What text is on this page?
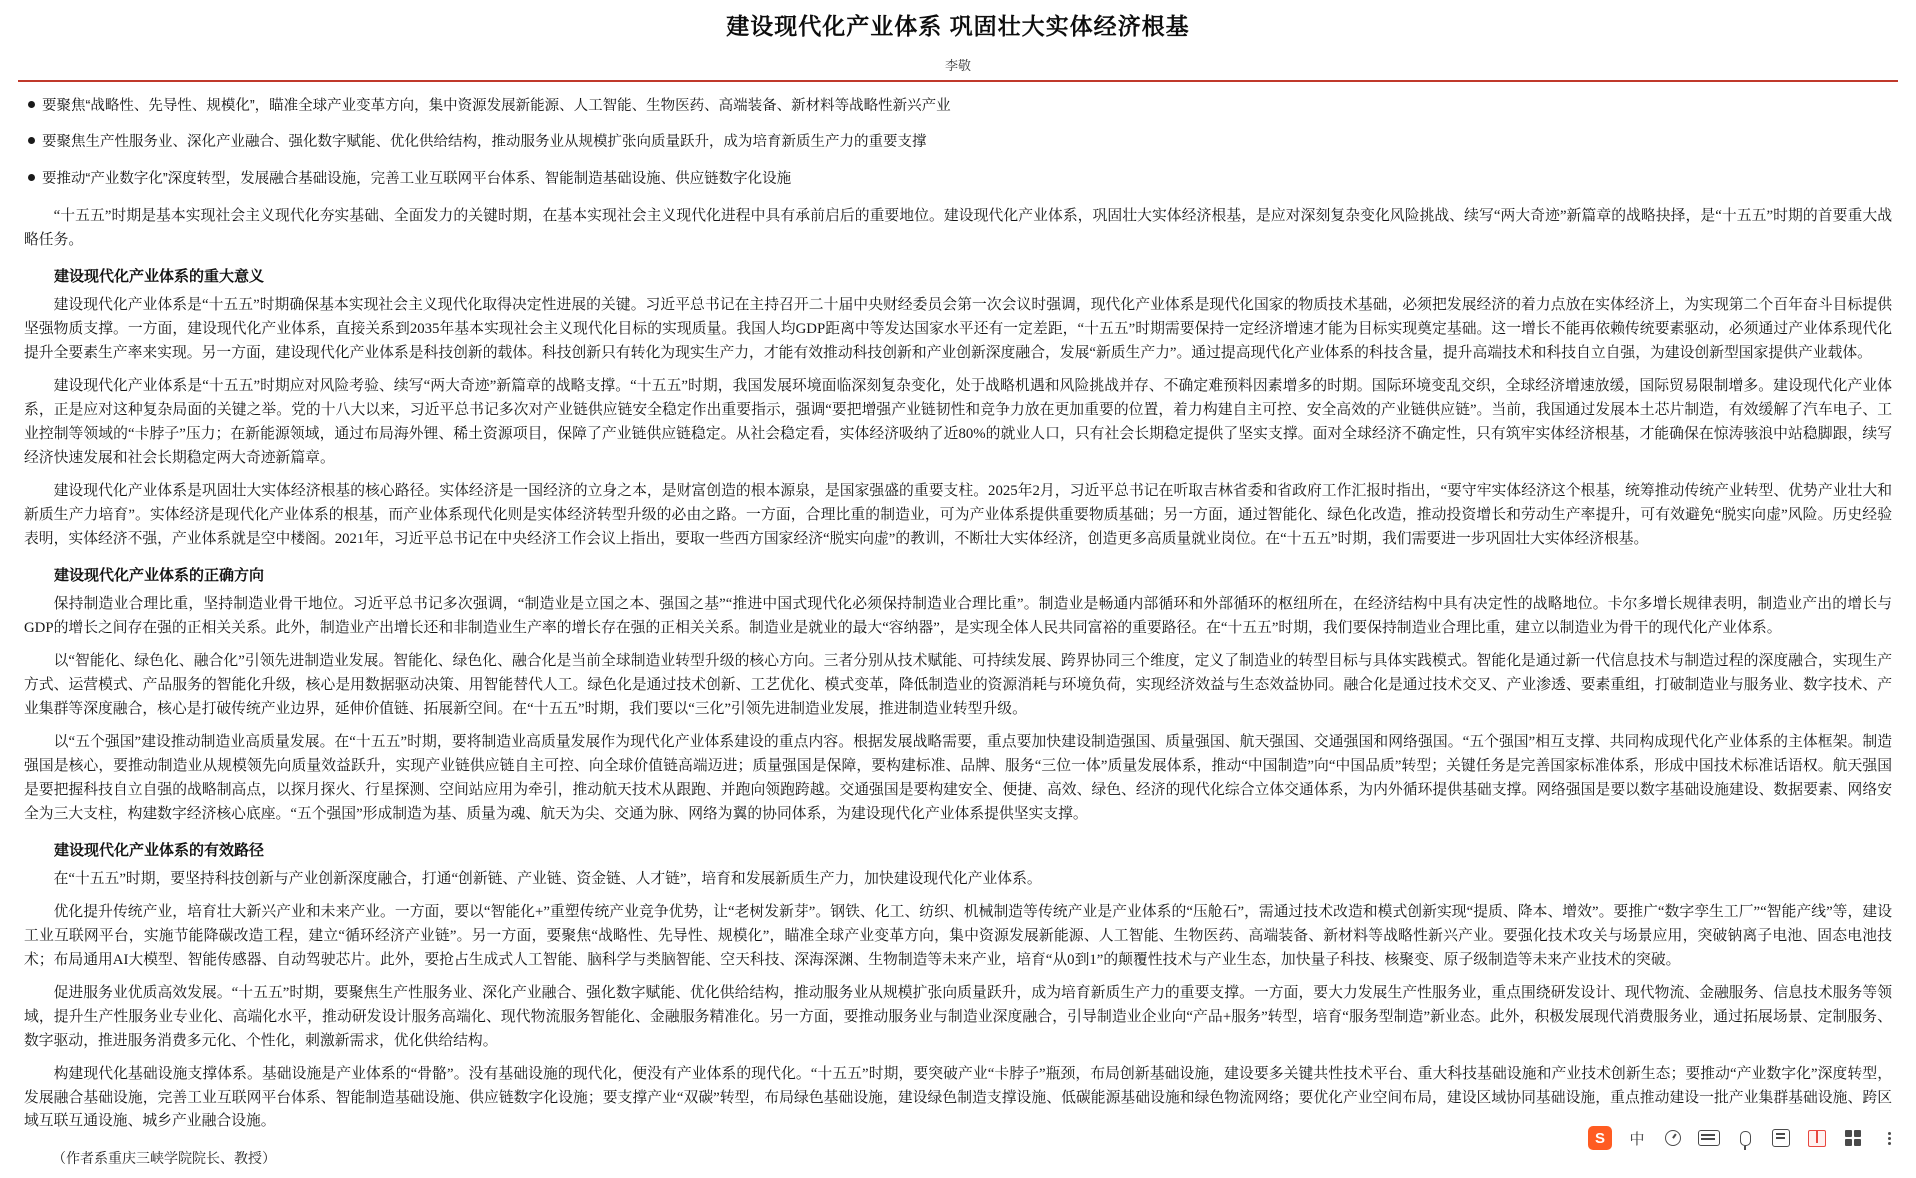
建设现代化产业体系 巩固壮大实体经济根基
李敬
要聚焦“战略性、先导性、规模化”，瞄准全球产业变革方向，集中资源发展新能源、人工智能、生物医药、高端装备、新材料等战略性新兴产业
要聚焦生产性服务业、深化产业融合、强化数字赋能、优化供给结构，推动服务业从规模扩张向质量跃升，成为培育新质生产力的重要支撑
要推动“产业数字化”深度转型，发展融合基础设施，完善工业互联网平台体系、智能制造基础设施、供应链数字化设施

“十五五”时期是基本实现社会主义现代化夯实基础、全面发力的关键时期，在基本实现社会主义现代化进程中具有承前启后的重要地位。建设现代化产业体系，巩固壮大实体经济根基，是应对深刻复杂变化风险挑战、续写“两大奇迹”新篇章的战略抉择，是“十五五”时期的首要重大战略任务。

建设现代化产业体系的重大意义

建设现代化产业体系是“十五五”时期确保基本实现社会主义现代化取得决定性进展的关键。习近平总书记在主持召开二十届中央财经委员会第一次会议时强调，现代化产业体系是现代化国家的物质技术基础，必须把发展经济的着力点放在实体经济上，为实现第二个百年奋斗目标提供坚强物质支撑。一方面，建设现代化产业体系，直接关系到2035年基本实现社会主义现代化目标的实现质量。我国人均GDP距离中等发达国家水平还有一定差距，“十五五”时期需要保持一定经济增速才能为目标实现奠定基础。这一增长不能再依赖传统要素驱动，必须通过产业体系现代化提升全要素生产率来实现。另一方面，建设现代化产业体系是科技创新的载体。科技创新只有转化为现实生产力，才能有效推动科技创新和产业创新深度融合，发展“新质生产力”。通过提高现代化产业体系的科技含量，提升高端技术和科技自立自强，为建设创新型国家提供产业载体。

建设现代化产业体系是“十五五”时期应对风险考验、续写“两大奇迹”新篇章的战略支撑。“十五五”时期，我国发展环境面临深刻复杂变化，处于战略机遇和风险挑战并存、不确定难预料因素增多的时期。国际环境变乱交织，全球经济增速放缓，国际贸易限制增多。建设现代化产业体系，正是应对这种复杂局面的关键之举。党的十八大以来，习近平总书记多次对产业链供应链安全稳定作出重要指示，强调“要把增强产业链韧性和竞争力放在更加重要的位置，着力构建自主可控、安全高效的产业链供应链”。当前，我国通过发展本土芯片制造，有效缓解了汽车电子、工业控制等领域的“卡脖子”压力；在新能源领域，通过布局海外锂、稀土资源项目，保障了产业链供应链稳定。从社会稳定看，实体经济吸纳了近80%的就业人口，只有社会长期稳定提供了坚实支撑。面对全球经济不确定性，只有筑牢实体经济根基，才能确保在惊涛骇浪中站稳脚跟，续写经济快速发展和社会长期稳定两大奇迹新篇章。

建设现代化产业体系是巩固壮大实体经济根基的核心路径。实体经济是一国经济的立身之本，是财富创造的根本源泉，是国家强盛的重要支柱。2025年2月，习近平总书记在听取吉林省委和省政府工作汇报时指出，“要守牢实体经济这个根基，统筹推动传统产业转型、优势产业壮大和新质生产力培育”。实体经济是现代化产业体系的根基，而产业体系现代化则是实体经济转型升级的必由之路。一方面，合理比重的制造业，可为产业体系提供重要物质基础；另一方面，通过智能化、绿色化改造，推动投资增长和劳动生产率提升，可有效避免“脱实向虚”风险。历史经验表明，实体经济不强，产业体系就是空中楼阁。2021年，习近平总书记在中央经济工作会议上指出，要取一些西方国家经济“脱实向虚”的教训，不断壮大实体经济，创造更多高质量就业岗位。在“十五五”时期，我们需要进一步巩固壮大实体经济根基。

建设现代化产业体系的正确方向

保持制造业合理比重，坚持制造业骨干地位。习近平总书记多次强调，“制造业是立国之本、强国之基”“推进中国式现代化必须保持制造业合理比重”。制造业是畅通内部循环和外部循环的枢纽所在，在经济结构中具有决定性的战略地位。卡尔多增长规律表明，制造业产出的增长与GDP的增长之间存在强的正相关关系。此外，制造业产出增长还和非制造业生产率的增长存在强的正相关关系。制造业是就业的最大“容纳器”，是实现全体人民共同富裕的重要路径。在“十五五”时期，我们要保持制造业合理比重，建立以制造业为骨干的现代化产业体系。

以“智能化、绿色化、融合化”引领先进制造业发展。智能化、绿色化、融合化是当前全球制造业转型升级的核心方向。三者分别从技术赋能、可持续发展、跨界协同三个维度，定义了制造业的转型目标与具体实践模式。智能化是通过新一代信息技术与制造过程的深度融合，实现生产方式、运营模式、产品服务的智能化升级，核心是用数据驱动决策、用智能替代人工。绿色化是通过技术创新、工艺优化、模式变革，降低制造业的资源消耗与环境负荷，实现经济效益与生态效益协同。融合化是通过技术交叉、产业渗透、要素重组，打破制造业与服务业、数字技术、产业集群等深度融合，核心是打破传统产业边界，延伸价值链、拓展新空间。在“十五五”时期，我们要以“三化”引领先进制造业发展，推进制造业转型升级。

以“五个强国”建设推动制造业高质量发展。在“十五五”时期，要将制造业高质量发展作为现代化产业体系建设的重点内容。根据发展战略需要，重点要加快建设制造强国、质量强国、航天强国、交通强国和网络强国。“五个强国”相互支撑、共同构成现代化产业体系的主体框架。制造强国是核心，要推动制造业从规模领先向质量效益跃升，实现产业链供应链自主可控、向全球价值链高端迈进；质量强国是保障，要构建标准、品牌、服务“三位一体”质量发展体系，推动“中国制造”向“中国品质”转型；关键任务是完善国家标准体系，形成中国技术标准话语权。航天强国是要把握科技自立自强的战略制高点，以探月探火、行星探测、空间站应用为牵引，推动航天技术从跟跑、并跑向领跑跨越。交通强国是要构建安全、便捷、高效、绿色、经济的现代化综合立体交通体系，为内外循环提供基础支撑。网络强国是要以数字基础设施建设、数据要素、网络安全为三大支柱，构建数字经济核心底座。“五个强国”形成制造为基、质量为魂、航天为尖、交通为脉、网络为翼的协同体系，为建设现代化产业体系提供坚实支撑。

建设现代化产业体系的有效路径

在“十五五”时期，要坚持科技创新与产业创新深度融合，打通“创新链、产业链、资金链、人才链”，培育和发展新质生产力，加快建设现代化产业体系。

优化提升传统产业，培育壮大新兴产业和未来产业。一方面，要以“智能化+”重塑传统产业竞争优势，让“老树发新芽”。钢铁、化工、纺织、机械制造等传统产业是产业体系的“压舱石”，需通过技术改造和模式创新实现“提质、降本、增效”。要推广“数字孪生工厂”“智能产线”等，建设工业互联网平台，实施节能降碳改造工程，建立“循环经济产业链”。另一方面，要聚焦“战略性、先导性、规模化”，瞄准全球产业变革方向，集中资源发展新能源、人工智能、生物医药、高端装备、新材料等战略性新兴产业。要强化技术攻关与场景应用，突破钠离子电池、固态电池技术；布局通用AI大模型、智能传感器、自动驾驶芯片。此外，要抢占生成式人工智能、脑科学与类脑智能、空天科技、深海深渊、生物制造等未来产业，培育“从0到1”的颠覆性技术与产业生态，加快量子科技、核聚变、原子级制造等未来产业技术的突破。

促进服务业优质高效发展。“十五五”时期，要聚焦生产性服务业、深化产业融合、强化数字赋能、优化供给结构，推动服务业从规模扩张向质量跃升，成为培育新质生产力的重要支撑。一方面，要大力发展生产性服务业，重点围绕研发设计、现代物流、金融服务、信息技术服务等领域，提升生产性服务业专业化、高端化水平，推动研发设计服务高端化、现代物流服务智能化、金融服务精准化。另一方面，要推动服务业与制造业深度融合，引导制造业企业向“产品+服务”转型，培育“服务型制造”新业态。此外，积极发展现代消费服务业，通过拓展场景、定制服务、数字驱动，推进服务消费多元化、个性化，刺激新需求，优化供给结构。

构建现代化基础设施支撑体系。基础设施是产业体系的“骨骼”。没有基础设施的现代化，便没有产业体系的现代化。“十五五”时期，要突破产业“卡脖子”瓶颈，布局创新基础设施，建设要多关键共性技术平台、重大科技基础设施和产业技术创新生态；要推动“产业数字化”深度转型，发展融合基础设施，完善工业互联网平台体系、智能制造基础设施、供应链数字化设施；要支撑产业“双碳”转型，布局绿色基础设施，建设绿色制造支撑设施、低碳能源基础设施和绿色物流网络；要优化产业空间布局，建设区域协同基础设施，重点推动建设一批产业集群基础设施、跨区域互联互通设施、城乡产业融合设施。

（作者系重庆三峡学院院长、教授）
S	中
